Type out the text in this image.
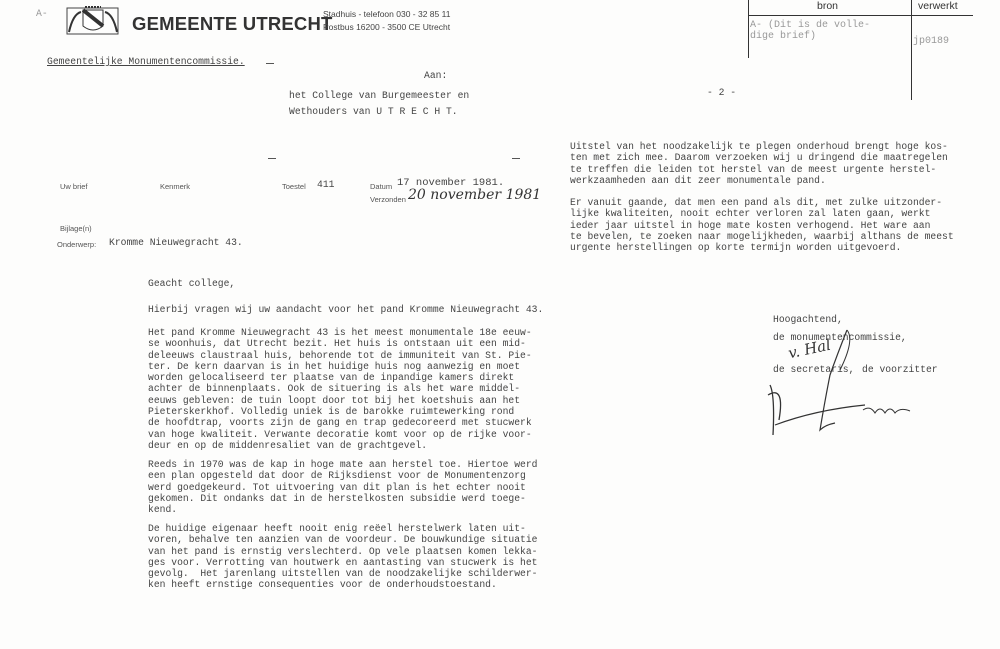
A-	GEMEENTE UTRECHT
Stadhuis - telefoon 030 - 32 85 11
Postbus 16200 - 3500 CE Utrecht
Gemeentelijke Monumentencommissie.
Aan:
het College van Burgemeester en
Wethouders van U T R E C H T.
Uw brief	Kenmerk	Toestel 411	Datum 17 november 1981.
Verzonden 20 november 1981
Bijlage(n)
Onderwerp: Kromme Nieuwegracht 43.
Geacht college,
Hierbij vragen wij uw aandacht voor het pand Kromme Nieuwegracht 43.
Het pand Kromme Nieuwegracht 43 is het meest monumentale 18e eeuw-
se woonhuis, dat Utrecht bezit. Het huis is ontstaan uit een mid-
deleeuws claustraal huis, behorende tot de immuniteit van St. Pie-
ter. De kern daarvan is in het huidige huis nog aanwezig en moet
worden gelocaliseerd ter plaatse van de inpandige kamers direkt
achter de binnenplaats. Ook de situering is als het ware middel-
eeuws gebleven: de tuin loopt door tot bij het koetshuis aan het
Pieterskerkhof. Volledig uniek is de barokke ruimtewerking rond
de hoofdtrap, voorts zijn de gang en trap gedecoreerd met stucwerk
van hoge kwaliteit. Verwante decoratie komt voor op de rijke voor-
deur en op de middenresaliet van de grachtgevel.
Reeds in 1970 was de kap in hoge mate aan herstel toe. Hiertoe werd
een plan opgesteld dat door de Rijksdienst voor de Monumentenzorg
werd goedgekeurd. Tot uitvoering van dit plan is het echter nooit
gekomen. Dit ondanks dat in de herstelkosten subsidie werd toege-
kend.
De huidige eigenaar heeft nooit enig reëel herstelwerk laten uit-
voren, behalve ten aanzien van de voordeur. De bouwkundige situatie
van het pand is ernstig verslechterd. Op vele plaatsen komen lekka-
ges voor. Verrotting van houtwerk en aantasting van stucwerk is het
gevolg.  Het jarenlang uitstellen van de noodzakelijke schilderwer-
ken heeft ernstige consequenties voor de onderhoudstoestand.
bron	verwerkt
A- (Dit is de volle-
dige brief)	jp0189
- 2 -
Uitstel van het noodzakelijk te plegen onderhoud brengt hoge kos-
ten met zich mee. Daarom verzoeken wij u dringend die maatregelen
te treffen die leiden tot herstel van de meest urgente herstel-
werkzaamheden aan dit zeer monumentale pand.
Er vanuit gaande, dat men een pand als dit, met zulke uitzonder-
lijke kwaliteiten, nooit echter verloren zal laten gaan, werkt
ieder jaar uitstel in hoge mate kosten verhogend. Het ware aan
te bevelen, te zoeken naar mogelijkheden, waarbij althans de meest
urgente herstellingen op korte termijn worden uitgevoerd.
Hoogachtend,
de monumentencommissie,
de secretaris, de voorzitter
v. Hal
